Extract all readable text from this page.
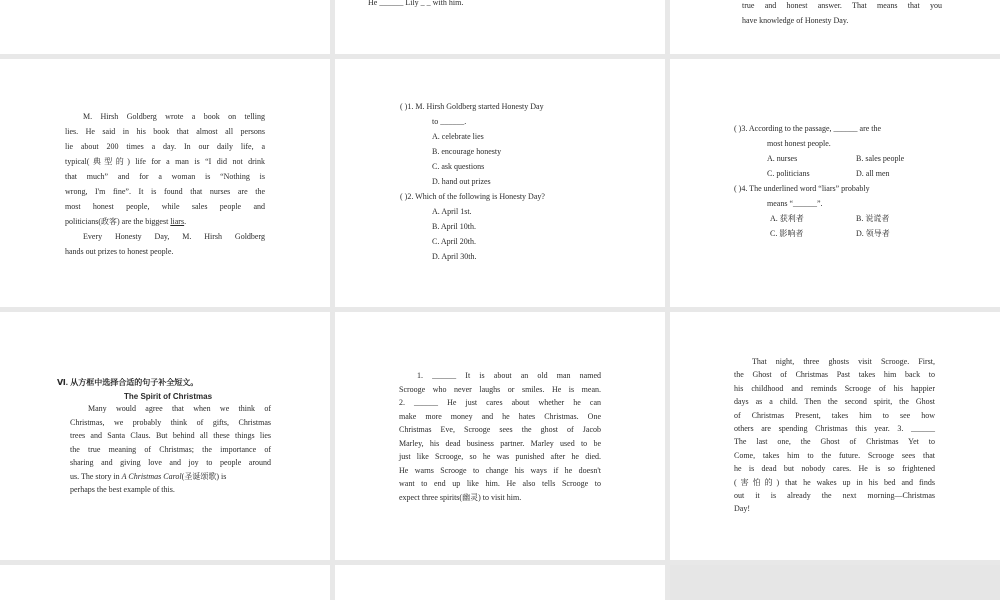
He ______ Lily _ _ with him.	true and honest answer. That means that you
have knowledge of Honesty Day.
M. Hirsh Goldberg wrote a book on telling
lies. He said in his book that almost all persons
lie about 200 times a day. In our daily life, a
typical(典型的) life for a man is “I did not drink
that much” and for a woman is “Nothing is
wrong, I'm fine”. It is found that nurses are the
most honest people, while sales people and
politicians(政客) are the biggest liars.
Every Honesty Day, M. Hirsh Goldberg
hands out prizes to honest people.
( )1. M. Hirsh Goldberg started Honesty Day
to ______.
A. celebrate lies
B. encourage honesty
C. ask questions
D. hand out prizes
( )2. Which of the following is Honesty Day?
A. April 1st.
B. April 10th.
C. April 20th.
D. April 30th.
( )3. According to the passage, ______ are the
most honest people.
A. nurses	B. sales people
C. politicians	D. all men
( )4. The underlined word “liars” probably
means “______”.
A. 获利者	B. 说谎者
C. 影响者	D. 领导者
Ⅵ. 从方框中选择合适的句子补全短文。
The Spirit of Christmas
Many would agree that when we think of
Christmas, we probably think of gifts, Christmas
trees and Santa Claus. But behind all these things lies
the true meaning of Christmas; the importance of
sharing and giving love and joy to people around
us. The story in A Christmas Carol(圣诞颂歌) is
perhaps the best example of this.
1. ______ It is about an old man named
Scrooge who never laughs or smiles. He is mean.
2. ______ He just cares about whether he can
make more money and he hates Christmas. One
Christmas Eve, Scrooge sees the ghost of Jacob
Marley, his dead business partner. Marley used to be
just like Scrooge, so he was punished after he died.
He warns Scrooge to change his ways if he doesn't
want to end up like him. He also tells Scrooge to
expect three spirits(幽灵) to visit him.
That night, three ghosts visit Scrooge. First,
the Ghost of Christmas Past takes him back to
his childhood and reminds Scrooge of his happier
days as a child. Then the second spirit, the Ghost
of Christmas Present, takes him to see how
others are spending Christmas this year. 3. ______
The last one, the Ghost of Christmas Yet to
Come, takes him to the future. Scrooge sees that
he is dead but nobody cares. He is so frightened
(害怕的) that he wakes up in his bed and finds
out it is already the next morning—Christmas
Day!
